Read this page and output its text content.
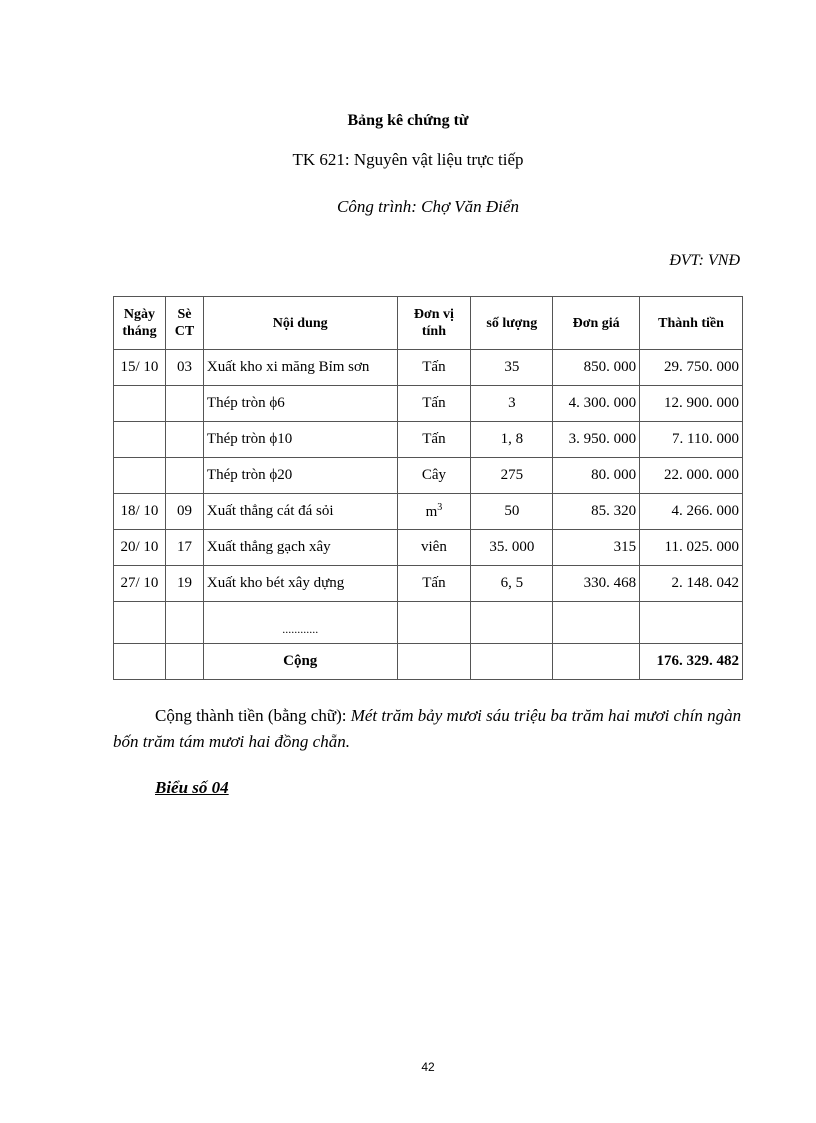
Bảng kê chứng từ
TK 621: Nguyên vật liệu trực tiếp
Công trình: Chợ Văn Điển
ĐVT: VNĐ
Ngày tháng	Sè CT	Nội dung	Đơn vị tính	số lượng	Đơn giá	Thành tiền
15/ 10	03	Xuất kho xi măng Bỉm sơn	Tấn	35	850. 000	29. 750. 000
		Thép tròn ϕ6	Tấn	3	4. 300. 000	12. 900. 000
		Thép tròn ϕ10	Tấn	1, 8	3. 950. 000	7. 110. 000
		Thép tròn ϕ20	Cây	275	80. 000	22. 000. 000
18/ 10	09	Xuất thẳng cát đá sỏi	$m^3$	50	85. 320	4. 266. 000
20/ 10	17	Xuất thẳng gạch xây	viên	35. 000	315	11. 025. 000
27/ 10	19	Xuất kho bét xây dựng	Tấn	6, 5	330. 468	2. 148. 042
		............				
		Cộng				176. 329. 482
Cộng thành tiền (bằng chữ): Mét trăm bảy mươi sáu triệu ba trăm hai mươi chín ngàn bốn trăm tám mươi hai đồng chẵn.
Biểu số 04
42
